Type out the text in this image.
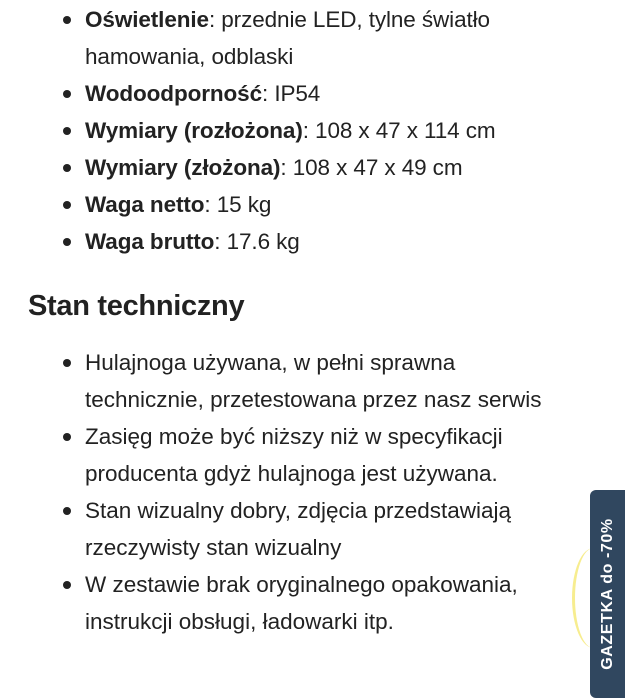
Oświetlenie: przednie LED, tylne światło
hamowania, odblaski
Wodoodporność: IP54
Wymiary (rozłożona): 108 x 47 x 114 cm
Wymiary (złożona): 108 x 47 x 49 cm
Waga netto: 15 kg
Waga brutto: 17.6 kg
Stan techniczny
Hulajnoga używana, w pełni sprawna
technicznie, przetestowana przez nasz serwis
Zasięg może być niższy niż w specyfikacji
producenta gdyż hulajnoga jest używana.
Stan wizualny dobry, zdjęcia przedstawiają
rzeczywisty stan wizualny
W zestawie brak oryginalnego opakowania,
instrukcji obsługi, ładowarki itp.	GAZETKA do -70%
